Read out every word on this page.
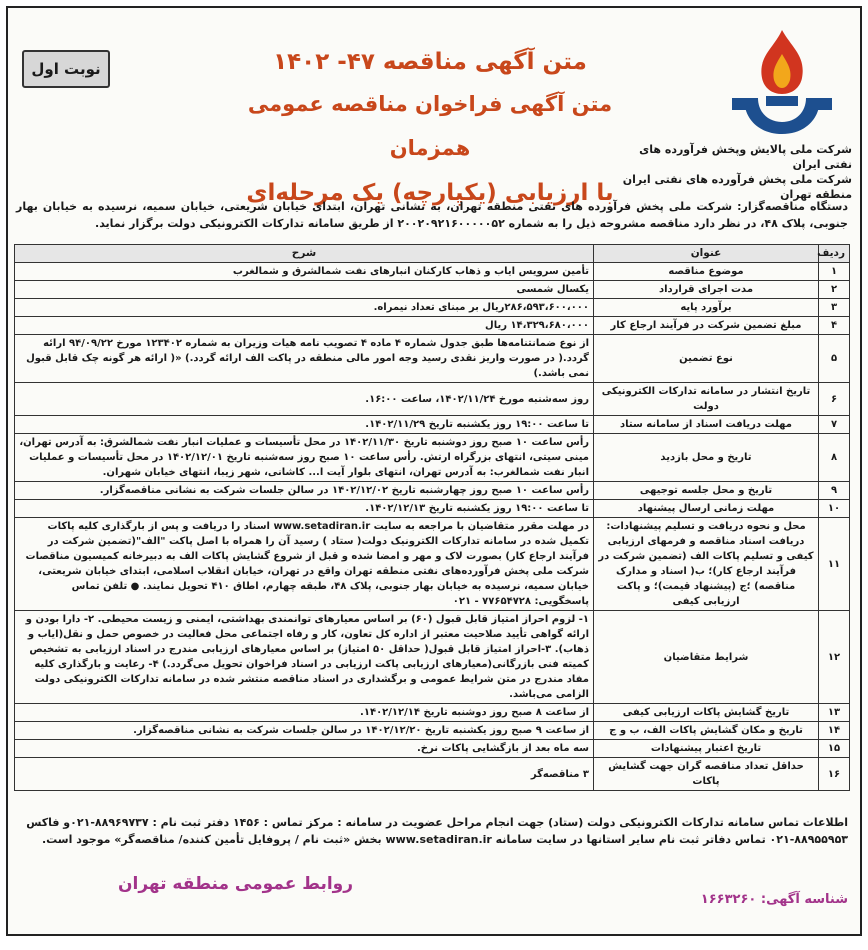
شرکت ملی پالایش وپخش فرآورده های نفتی ایران
شرکت ملی پخش فرآورده های نفتی ایران
منطقه تهران
متن آگهی مناقصه ۴۷- ۱۴۰۲
متن آگهی فراخوان مناقصه عمومی همزمان
با ارزیابی (یکپارچه) یک مرحله‌ای
نوبت اول
دستگاه مناقصه‌گزار: شرکت ملی پخش فرآورده های نفتی منطقه تهران، به نشانی تهران، ابتدای خیابان شریعتی، خیابان سمیه، نرسیده به خیابان بهار جنوبی، پلاک ۴۸، در نظر دارد مناقصه مشروحه ذیل را به شماره ۲۰۰۲۰۹۲۱۶۰۰۰۰۰۵۲ از طریق سامانه تدارکات الکترونیکی دولت برگزار نماید.
ردیف	عنوان	شرح
۱	موضوع مناقصه	تأمین سرویس ایاب و ذهاب کارکنان انبارهای نفت شمالشرق و شمالغرب
۲	مدت اجرای قرارداد	یکسال شمسی
۳	برآورد پایه	۲۸۶،۵۹۳،۶۰۰،۰۰۰ریال بر مبنای تعداد نیمراه.
۴	مبلغ تضمین شرکت در فرآیند ارجاع کار	۱۴،۳۲۹،۶۸۰،۰۰۰ ریال
۵	نوع تضمین	از نوع ضمانتنامه‌ها طبق جدول شماره ۴ ماده ۴ تصویب نامه هیات وزیران به شماره ۱۲۳۴۰۲ مورخ ۹۴/۰۹/۲۲ ارائه گردد.( در صورت واریز نقدی رسید وجه امور مالی منطقه در پاکت الف ارائه گردد.) «( ارائه هر گونه چک قابل قبول نمی باشد.)
۶	تاریخ انتشار در سامانه تدارکات الکترونیکی دولت	روز سه‌شنبه مورخ ۱۴۰۲/۱۱/۲۴، ساعت ۱۶:۰۰.
۷	مهلت دریافت اسناد از سامانه ستاد	تا ساعت ۱۹:۰۰ روز یکشنبه تاریخ ۱۴۰۲/۱۱/۲۹.
۸	تاریخ و محل بازدید	رأس ساعت ۱۰ صبح روز دوشنبه تاریخ ۱۴۰۲/۱۱/۳۰ در محل تأسیسات و عملیات انبار نفت شمالشرق: به آدرس تهران، مینی سیتی، انتهای بزرگراه ارتش. رأس ساعت ۱۰ صبح روز سه‌شنبه تاریخ ۱۴۰۲/۱۲/۰۱ در محل تأسیسات و عملیات انبار نفت شمالغرب: به آدرس تهران، انتهای بلوار آیت ا... کاشانی، شهر زیبا، انتهای خیابان شهران.
۹	تاریخ و محل جلسه توجیهی	رأس ساعت ۱۰ صبح روز چهارشنبه تاریخ ۱۴۰۲/۱۲/۰۲ در سالن جلسات شرکت به نشانی مناقصه‌گزار.
۱۰	مهلت زمانی ارسال پیشنهاد	تا ساعت ۱۹:۰۰ روز یکشنبه تاریخ ۱۴۰۲/۱۲/۱۳.
۱۱	محل و نحوه دریافت و تسلیم پیشنهادات: دریافت اسناد مناقصه و فرمهای ارزیابی کیفی و تسلیم پاکات الف (تضمین شرکت در فرآیند ارجاع کار)؛ ب( اسناد و مدارک مناقصه) ؛ج (پیشنهاد قیمت)؛ و پاکت ارزیابی کیفی	در مهلت مقرر متقاضیان با مراجعه به سایت www.setadiran.ir اسناد را دریافت و پس از بارگذاری کلیه پاکات تکمیل شده در سامانه تدارکات الکترونیک دولت( ستاد ) رسید آن را همراه با اصل پاکت "الف"(تضمین شرکت در فرآیند ارجاع کار) بصورت لاک و مهر و امضا شده و قبل از شروع گشایش پاکات الف به دبیرخانه کمیسیون مناقصات شرکت ملی پخش فرآورده‌های نفتی منطقه تهران واقع در تهران، خیابان انقلاب اسلامی، ابتدای خیابان شریعتی، خیابان سمیه، نرسیده به خیابان بهار جنوبی، پلاک ۴۸، طبقه چهارم، اطاق ۴۱۰ تحویل نمایند. ● تلفن تماس پاسخگویی: ۷۷۶۵۴۷۲۸ - ۰۲۱
۱۲	شرایط متقاضیان	۱- لزوم احراز امتیاز قابل قبول (۶۰) بر اساس معیارهای توانمندی بهداشتی، ایمنی و زیست محیطی. ۲- دارا بودن و ارائه گواهی تأیید صلاحیت معتبر از اداره کل تعاون، کار و رفاه اجتماعی محل فعالیت در خصوص حمل و نقل(ایاب و ذهاب). ۳-احراز امتیاز قابل قبول( حداقل ۵۰ امتیاز) بر اساس معیارهای ارزیابی مندرج در اسناد ارزیابی به تشخیص کمیته فنی بازرگانی(معیارهای ارزیابی پاکت ارزیابی در اسناد فراخوان تحویل می‌گردد.) ۴- رعایت و بارگذاری کلیه مفاد مندرج در متن شرایط عمومی و برگشداری در اسناد مناقصه منتشر شده در سامانه تدارکات الکترونیکی دولت الزامی می‌باشد.
۱۳	تاریخ گشایش پاکات ارزیابی کیفی	از ساعت ۸ صبح روز دوشنبه تاریخ ۱۴۰۲/۱۲/۱۴.
۱۴	تاریخ و مکان گشایش پاکات الف، ب و ج	از ساعت ۹ صبح روز یکشنبه تاریخ ۱۴۰۲/۱۲/۲۰ در سالن جلسات شرکت به نشانی مناقصه‌گزار.
۱۵	تاریخ اعتبار پیشنهادات	سه ماه بعد از بازگشایی پاکات نرخ.
۱۶	حداقل تعداد مناقصه گران جهت گشایش پاکات	۳ مناقصه‌گر
اطلاعات تماس سامانه تدارکات الکترونیکی دولت (ستاد) جهت انجام مراحل عضویت در سامانه : مرکز تماس : ۱۴۵۶ دفتر ثبت نام : ۸۸۹۶۹۷۳۷-۰۲۱و فاکس ۸۸۹۵۵۹۵۳-۰۲۱ تماس دفاتر ثبت نام سایر استانها در سایت سامانه www.setadiran.ir بخش «ثبت نام / پروفایل تأمین کننده/ مناقصه‌گر» موجود است.
روابط عمومی منطقه تهران
شناسه آگهی: ۱۶۶۳۲۶۰
